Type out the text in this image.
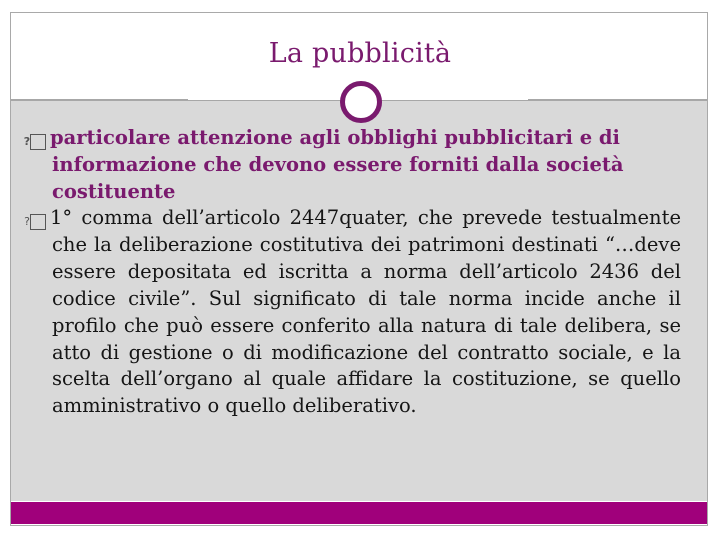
La pubblicità
? particolare attenzione agli obblighi pubblicitari e di informazione che devono essere forniti dalla società costituente
? 1° comma dell’articolo 2447quater, che prevede testualmente che la deliberazione costitutiva dei patrimoni destinati “…deve essere depositata ed iscritta a norma dell’articolo 2436 del codice civile”. Sul significato di tale norma incide anche il profilo che può essere conferito alla natura di tale delibera, se atto di gestione o di modificazione del contratto sociale, e la scelta dell’organo al quale affidare la costituzione, se quello amministrativo o quello deliberativo.
